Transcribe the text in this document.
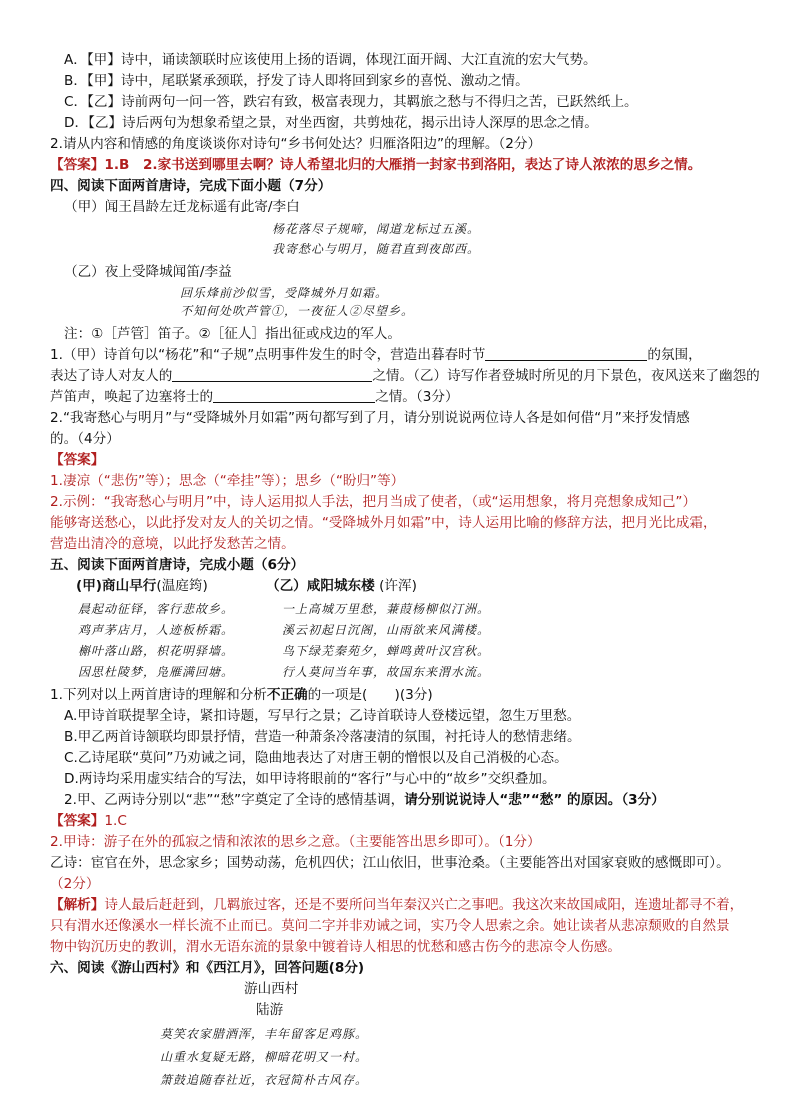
A．【甲】诗中，诵读颔联时应该使用上扬的语调，体现江面开阔、大江直流的宏大气势。
B．【甲】诗中，尾联紧承颈联，抒发了诗人即将回到家乡的喜悦、激动之情。
C．【乙】诗前两句一问一答，跌宕有致，极富表现力，其羁旅之愁与不得归之苦，已跃然纸上。
D．【乙】诗后两句为想象希望之景，对坐西窗，共剪烛花，揭示出诗人深厚的思念之情。
2.请从内容和情感的角度谈谈你对诗句“乡书何处达？归雁洛阳边”的理解。（2分）
【答案】1.B　2.家书送到哪里去啊？诗人希望北归的大雁捎一封家书到洛阳，表达了诗人浓浓的思乡之情。
四、阅读下面两首唐诗，完成下面小题（7分）
（甲）闻王昌龄左迁龙标遥有此寄/李白
杨花落尽子规啼，闻道龙标过五溪。
我寄愁心与明月，随君直到夜郎西。
（乙）夜上受降城闻笛/李益
回乐烽前沙似雪，受降城外月如霜。
不知何处吹芦管①，一夜征人②尽望乡。
注：①［芦管］笛子。②［征人］指出征或戍边的军人。
1.（甲）诗首句以“杨花”和“子规”点明事件发生的时令，营造出暮春时节	的氛围，
表达了诗人对友人的	之情。（乙）诗写作者登城时所见的月下景色，夜风送来了幽怨的
芦笛声，唤起了边塞将士的	之情。（3分）
2.“我寄愁心与明月”与“受降城外月如霜”两句都写到了月，请分别说说两位诗人各是如何借“月”来抒发情感
的。（4分）
【答案】
1.凄凉（“悲伤”等）；思念（“牵挂”等）；思乡（“盼归”等）
2.示例：“我寄愁心与明月”中，诗人运用拟人手法，把月当成了使者，（或“运用想象，将月亮想象成知己”）
能够寄送愁心，以此抒发对友人的关切之情。“受降城外月如霜”中，诗人运用比喻的修辞方法，把月光比成霜，
营造出清冷的意境，以此抒发愁苦之情。
五、阅读下面两首唐诗，完成小题（6分）
(甲)商山早行(温庭筠)	（乙）咸阳城东楼 (许浑)
晨起动征铎，客行悲故乡。
鸡声茅店月，人迹板桥霜。
槲叶落山路，枳花明驿墙。
因思杜陵梦，凫雁满回塘。
一上高城万里愁，蒹葭杨柳似汀洲。
溪云初起日沉阁，山雨欲来风满楼。
鸟下绿芜秦苑夕，蝉鸣黄叶汉宫秋。
行人莫问当年事，故国东来渭水流。
1.下列对以上两首唐诗的理解和分析不正确的一项是(　　)(3分)
A.甲诗首联提挈全诗，紧扣诗题，写早行之景；乙诗首联诗人登楼远望，忽生万里愁。
B.甲乙两首诗颔联均即景抒情，营造一种萧条冷落凄清的氛围，衬托诗人的愁情悲绪。
C.乙诗尾联“莫问”乃劝诫之词，隐曲地表达了对唐王朝的憎恨以及自己消极的心态。
D.两诗均采用虚实结合的写法，如甲诗将眼前的“客行”与心中的“故乡”交织叠加。
2.甲、乙两诗分别以“悲”“愁”字奠定了全诗的感情基调，请分别说说诗人“悲”“愁” 的原因。（3分）
【答案】1.C
2.甲诗：游子在外的孤寂之情和浓浓的思乡之意。（主要能答出思乡即可）。（1分）
乙诗：宦官在外，思念家乡；国势动荡，危机四伏；江山依旧，世事沧桑。（主要能答出对国家衰败的感慨即可）。
（2分）
【解析】诗人最后赶赶到，几羁旅过客，还是不要所问当年秦汉兴亡之事吧。我这次来故国咸阳，连遗址都寻不着，
只有渭水还像溪水一样长流不止而已。莫问二字并非劝诫之词，实乃令人思索之余。她让读者从悲凉颓败的自然景
物中钩沉历史的教训，渭水无语东流的景象中镀着诗人相思的忧愁和感古伤今的悲凉令人伤感。
六、阅读《游山西村》和《西江月》，回答问题(8分)
游山西村
陆游
莫笑农家腊酒浑，丰年留客足鸡豚。
山重水复疑无路，柳暗花明又一村。
箫鼓追随春社近，衣冠简朴古风存。
